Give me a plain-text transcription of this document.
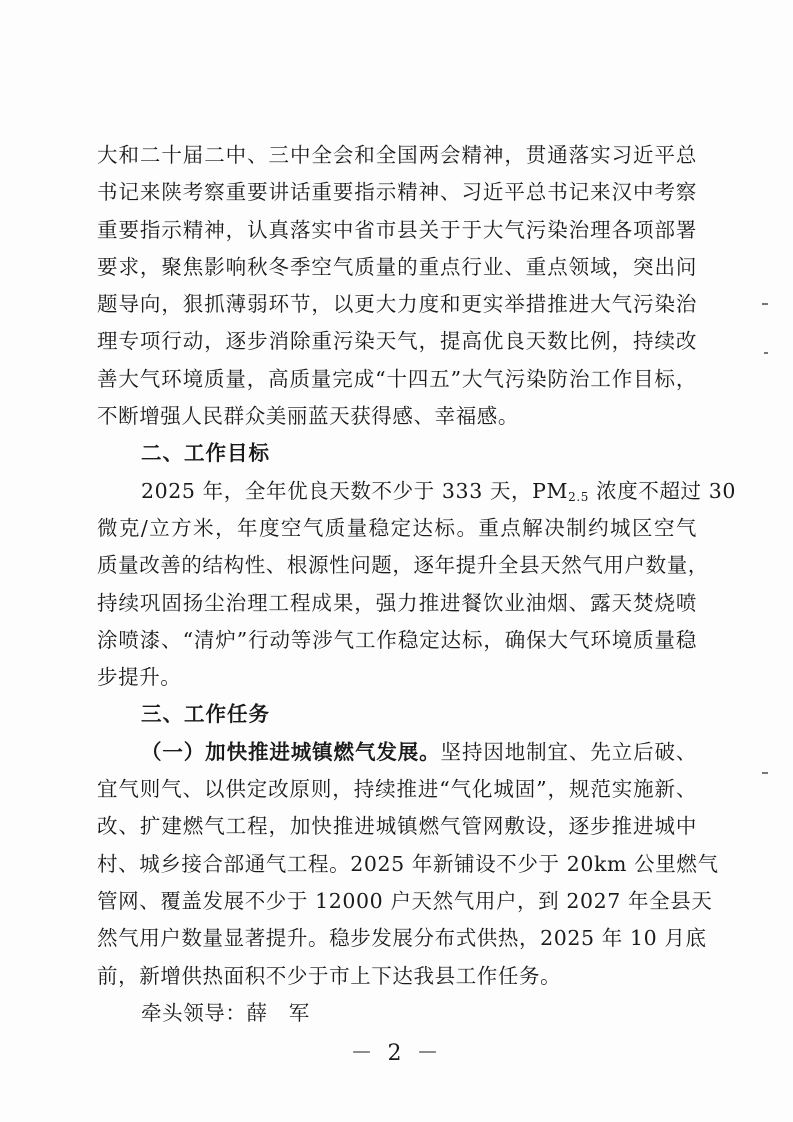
大和二十届二中、三中全会和全国两会精神，贯通落实习近平总
书记来陕考察重要讲话重要指示精神、习近平总书记来汉中考察
重要指示精神，认真落实中省市县关于于大气污染治理各项部署
要求，聚焦影响秋冬季空气质量的重点行业、重点领域，突出问
题导向，狠抓薄弱环节，以更大力度和更实举措推进大气污染治
理专项行动，逐步消除重污染天气，提高优良天数比例，持续改
善大气环境质量，高质量完成“十四五”大气污染防治工作目标，
不断增强人民群众美丽蓝天获得感、幸福感。
二、工作目标
2025 年，全年优良天数不少于 333 天，$PM_{2.5}$ 浓度不超过 30
微克/立方米，年度空气质量稳定达标。重点解决制约城区空气
质量改善的结构性、根源性问题，逐年提升全县天然气用户数量，
持续巩固扬尘治理工程成果，强力推进餐饮业油烟、露天焚烧喷
涂喷漆、“清炉”行动等涉气工作稳定达标，确保大气环境质量稳
步提升。
三、工作任务
（一）加快推进城镇燃气发展。坚持因地制宜、先立后破、
宜气则气、以供定改原则，持续推进“气化城固”，规范实施新、
改、扩建燃气工程，加快推进城镇燃气管网敷设，逐步推进城中
村、城乡接合部通气工程。2025 年新铺设不少于 20km 公里燃气
管网、覆盖发展不少于 12000 户天然气用户，到 2027 年全县天
然气用户数量显著提升。稳步发展分布式供热，2025 年 10 月底
前，新增供热面积不少于市上下达我县工作任务。
牵头领导：薛　军
－ 2 －
